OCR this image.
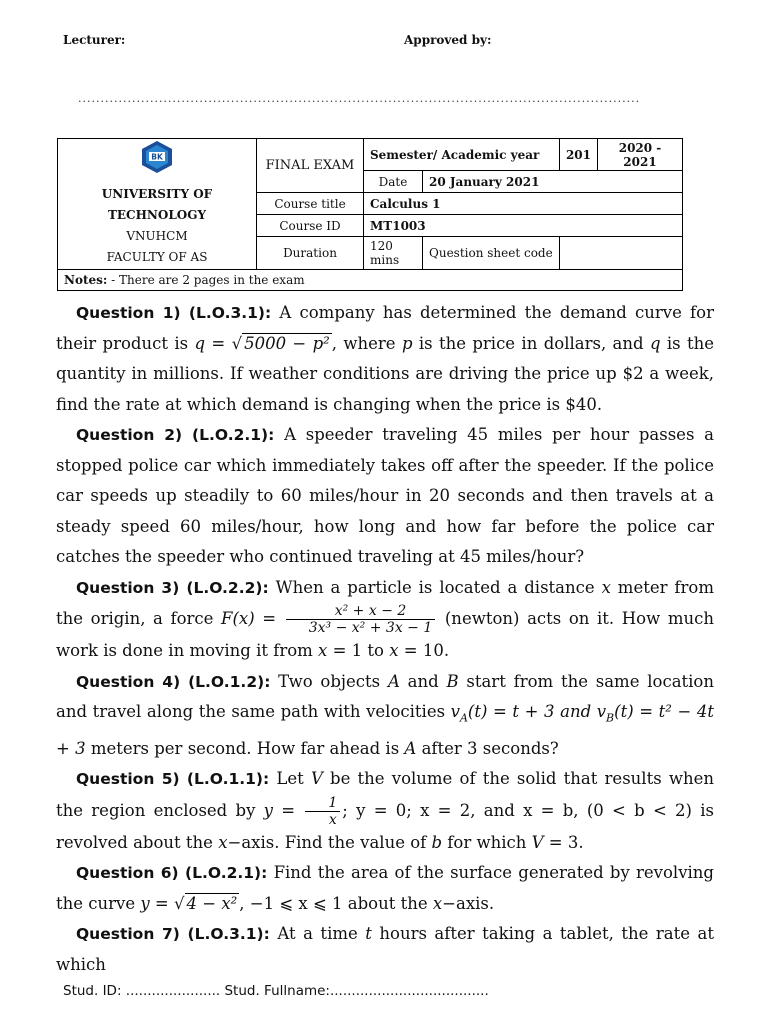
Lecturer:	Approved by:
.............................................................................................................................
BK
UNIVERSITY OF TECHNOLOGY
VNUHCM
FACULTY OF AS	FINAL EXAM	Semester/ Academic year		201	2020 - 2021
		Date	20 January 2021		
	Course title	Calculus 1			
	Course ID	MT1003			
	Duration	120 mins	Question sheet code		
Notes: - There are 2 pages in the exam					

Question 1) (L.O.3.1): A company has determined the demand curve for their product is q = √ 5000 − p² , where p is the price in dollars, and q is the quantity in millions. If weather conditions are driving the price up $2 a week, find the rate at which demand is changing when the price is $40.

Question 2) (L.O.2.1): A speeder traveling 45 miles per hour passes a stopped police car which immediately takes off after the speeder. If the police car speeds up steadily to 60 miles/hour in 20 seconds and then travels at a steady speed 60 miles/hour, how long and how far before the police car catches the speeder who continued traveling at 45 miles/hour?

Question 3) (L.O.2.2): When a particle is located a distance x meter from the origin, a force $F(x) = \frac{\text{x² + x − 2}}{\text{3x³ − x² + 3x − 1}}$ (newton) acts on it. How much work is done in moving it from x = 1 to x = 10.

Question 4) (L.O.1.2): Two objects A and B start from the same location and travel along the same path with velocities $v_A(t) = t + 3$ and $v_B(t) = t^2 - 4t + 3$ meters per second. How far ahead is A after 3 seconds?

Question 5) (L.O.1.1): Let V be the volume of the solid that results when the region enclosed by $y = \frac{1}{x}$ ; y = 0; x = 2, and x = b, (0 < b < 2) is revolved about the x−axis. Find the value of b for which V = 3.

Question 6) (L.O.2.1): Find the area of the surface generated by revolving the curve y = √ 4 − x² , −1 ⩽ x ⩽ 1 about the x−axis.

Question 7) (L.O.3.1): At a time t hours after taking a tablet, the rate at which

Stud. ID: ...................... Stud. Fullname:.....................................
